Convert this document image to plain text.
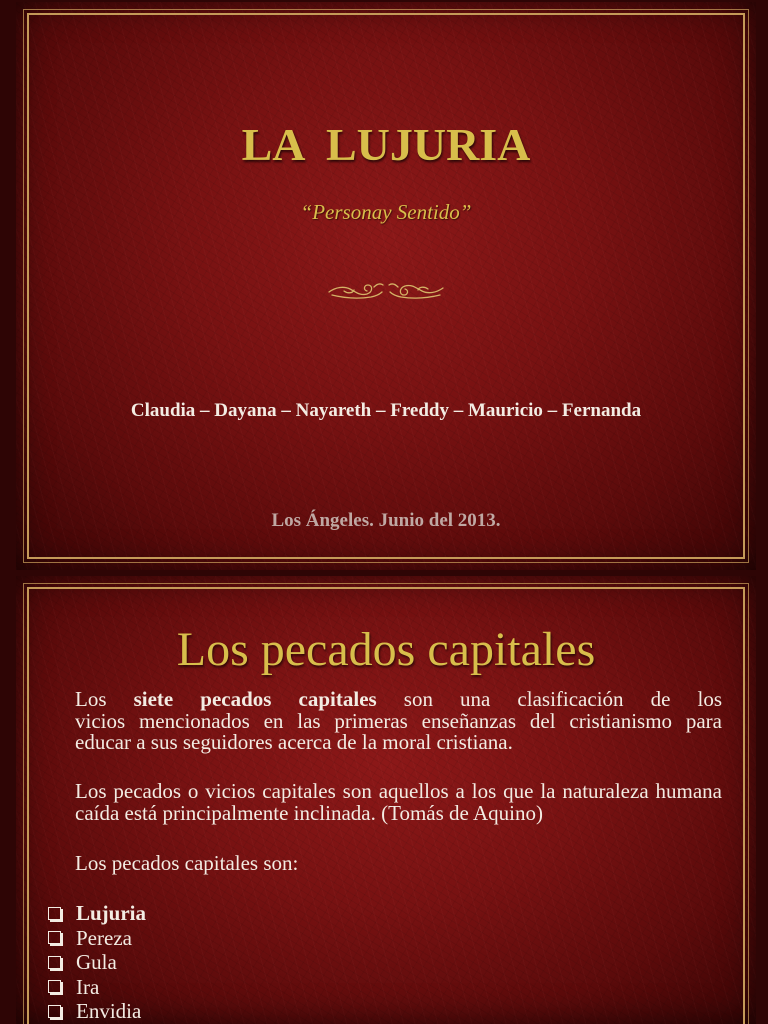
LA  LUJURIA
“Personay Sentido”
Claudia – Dayana – Nayareth – Freddy – Mauricio – Fernanda
Los Ángeles. Junio del 2013.
Los pecados capitales
Los siete pecados capitales son una clasificación de los
vicios mencionados en las primeras enseñanzas del cristianismo para
educar a sus seguidores acerca de la moral cristiana.
Los pecados o vicios capitales son aquellos a los que la naturaleza humana
caída está principalmente inclinada. (Tomás de Aquino)
Los pecados capitales son:
Lujuria
Pereza
Gula
Ira
Envidia
